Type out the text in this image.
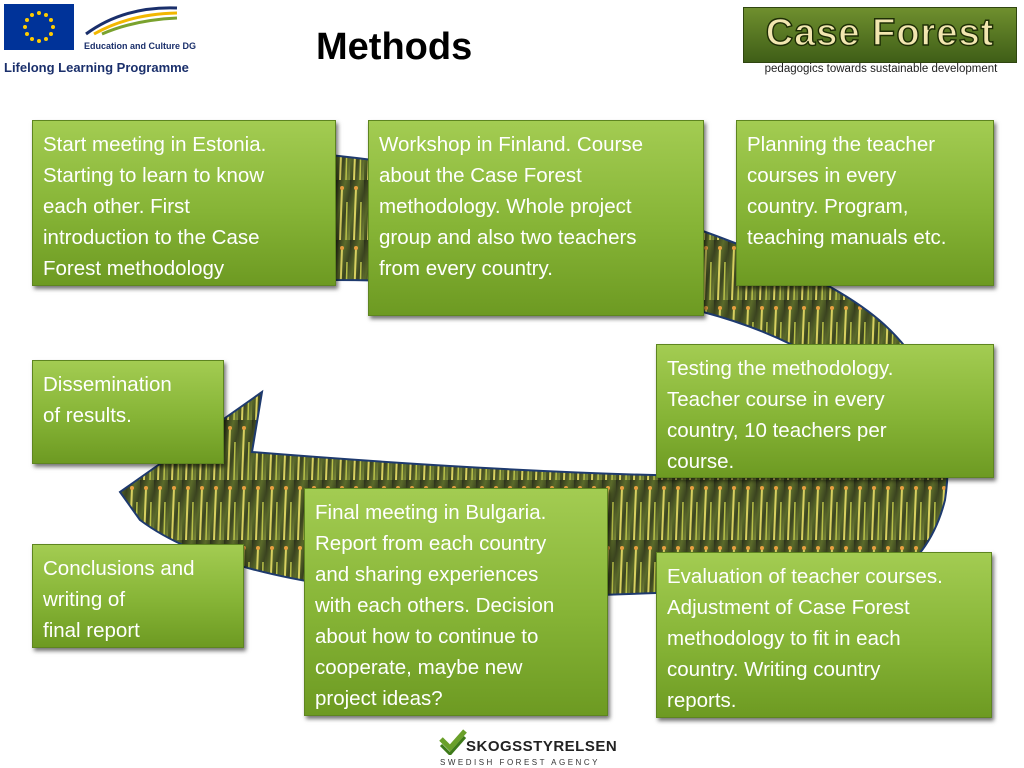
Education and Culture DG
Lifelong Learning Programme	Methods	Case Forest
pedagogics towards sustainable development
Start meeting in Estonia.
Starting to learn to know
each other. First
introduction to the Case
Forest methodology
Workshop in Finland. Course
about the Case Forest
methodology. Whole project
group and also two teachers
from every country.
Planning the teacher
courses in every
country. Program,
teaching manuals etc.
Testing the methodology.
Teacher course in every
country, 10 teachers per
course.
Evaluation of teacher courses.
Adjustment of Case Forest
methodology to fit in each
country. Writing country
reports.
Final meeting in Bulgaria.
Report from each country
and sharing experiences
with each others. Decision
about how to continue to
cooperate, maybe new
project ideas?
Conclusions and
writing of
final report
Dissemination
of results.
SKOGSSTYRELSEN
SWEDISH FOREST AGENCY
